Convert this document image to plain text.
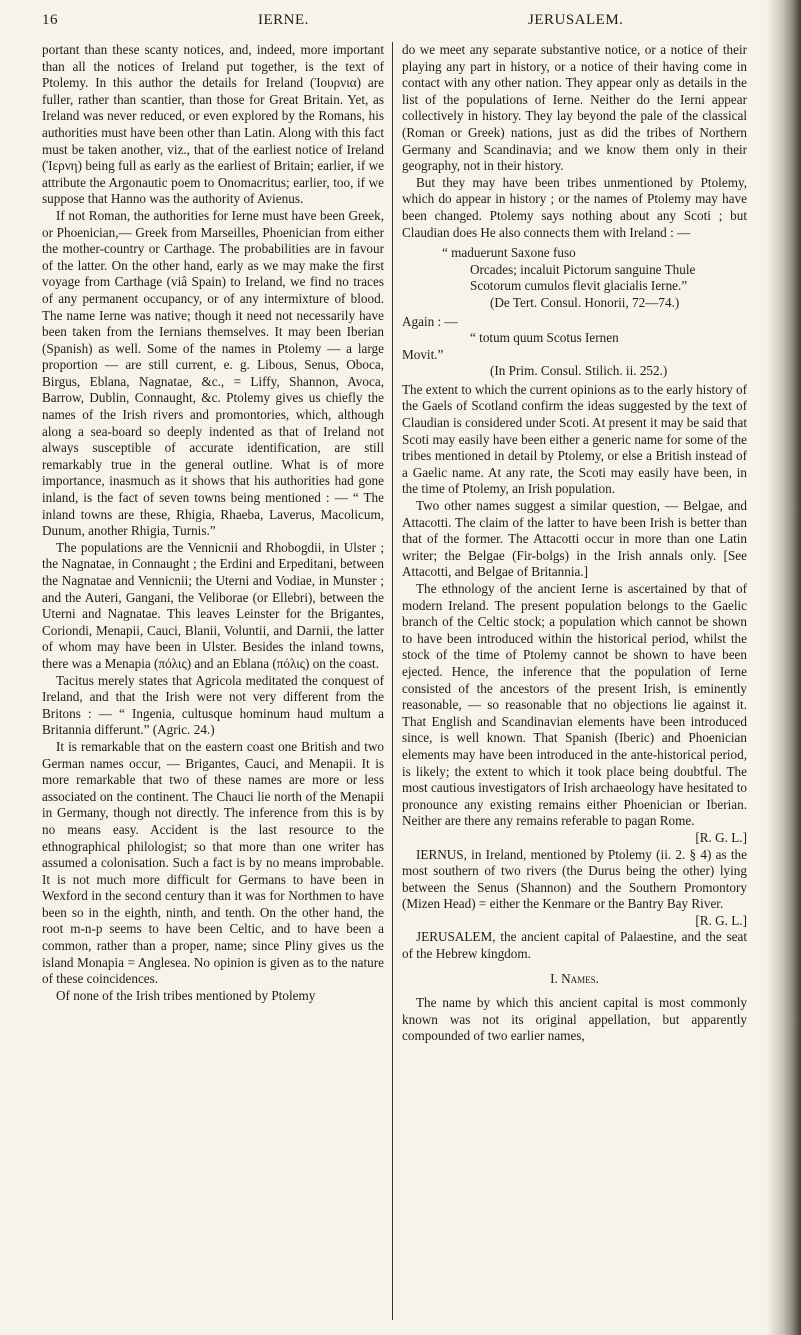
16	IERNE.	JERUSALEM.

portant than these scanty notices, and, indeed, more important than all the notices of Ireland put together, is the text of Ptolemy. In this author the details for Ireland (Ἰουρνια) are fuller, rather than scantier, than those for Great Britain. Yet, as Ireland was never reduced, or even explored by the Romans, his authorities must have been other than Latin. Along with this fact must be taken another, viz., that of the earliest notice of Ireland (Ἰερνη) being full as early as the earliest of Britain; earlier, if we attribute the Argonautic poem to Onomacritus; earlier, too, if we suppose that Hanno was the authority of Avienus.

If not Roman, the authorities for Ierne must have been Greek, or Phoenician,— Greek from Marseilles, Phoenician from either the mother-country or Carthage. The probabilities are in favour of the latter. On the other hand, early as we may make the first voyage from Carthage (viâ Spain) to Ireland, we find no traces of any permanent occupancy, or of any intermixture of blood. The name Ierne was native; though it need not necessarily have been taken from the Iernians themselves. It may been Iberian (Spanish) as well. Some of the names in Ptolemy — a large proportion — are still current, e. g. Libous, Senus, Oboca, Birgus, Eblana, Nagnatae, &c., = Liffy, Shannon, Avoca, Barrow, Dublin, Connaught, &c. Ptolemy gives us chiefly the names of the Irish rivers and promontories, which, although along a sea-board so deeply indented as that of Ireland not always susceptible of accurate identification, are still remarkably true in the general outline. What is of more importance, inasmuch as it shows that his authorities had gone inland, is the fact of seven towns being mentioned : — “ The inland towns are these, Rhigia, Rhaeba, Laverus, Macolicum, Dunum, another Rhigia, Turnis.”

The populations are the Vennicnii and Rhobogdii, in Ulster ; the Nagnatae, in Connaught ; the Erdini and Erpeditani, between the Nagnatae and Vennicnii; the Uterni and Vodiae, in Munster ; and the Auteri, Gangani, the Veliborae (or Ellebri), between the Uterni and Nagnatae. This leaves Leinster for the Brigantes, Coriondi, Menapii, Cauci, Blanii, Voluntii, and Darnii, the latter of whom may have been in Ulster. Besides the inland towns, there was a Menapia (πόλις) and an Eblana (πόλις) on the coast.

Tacitus merely states that Agricola meditated the conquest of Ireland, and that the Irish were not very different from the Britons : — “ Ingenia, cultusque hominum haud multum a Britannia differunt.” (Agric. 24.)

It is remarkable that on the eastern coast one British and two German names occur, — Brigantes, Cauci, and Menapii. It is more remarkable that two of these names are more or less associated on the continent. The Chauci lie north of the Menapii in Germany, though not directly. The inference from this is by no means easy. Accident is the last resource to the ethnographical philologist; so that more than one writer has assumed a colonisation. Such a fact is by no means improbable. It is not much more difficult for Germans to have been in Wexford in the second century than it was for Northmen to have been so in the eighth, ninth, and tenth. On the other hand, the root m-n-p seems to have been Celtic, and to have been a common, rather than a proper, name; since Pliny gives us the island Monapia = Anglesea. No opinion is given as to the nature of these coincidences.

Of none of the Irish tribes mentioned by Ptolemy

do we meet any separate substantive notice, or a notice of their playing any part in history, or a notice of their having come in contact with any other nation. They appear only as details in the list of the populations of Ierne. Neither do the Ierni appear collectively in history. They lay beyond the pale of the classical (Roman or Greek) nations, just as did the tribes of Northern Germany and Scandinavia; and we know them only in their geography, not in their history.

But they may have been tribes unmentioned by Ptolemy, which do appear in history ; or the names of Ptolemy may have been changed. Ptolemy says nothing about any Scoti ; but Claudian does He also connects them with Ireland : —

“ maduerunt Saxone fuso

Orcades; incaluit Pictorum sanguine Thule

Scotorum cumulos flevit glacialis Ierne.”

(De Tert. Consul. Honorii, 72—74.)

Again : —

“ totum quum Scotus Iernen

Movit.”

(In Prim. Consul. Stilich. ii. 252.)

The extent to which the current opinions as to the early history of the Gaels of Scotland confirm the ideas suggested by the text of Claudian is considered under Scoti. At present it may be said that Scoti may easily have been either a generic name for some of the tribes mentioned in detail by Ptolemy, or else a British instead of a Gaelic name. At any rate, the Scoti may easily have been, in the time of Ptolemy, an Irish population.

Two other names suggest a similar question, — Belgae, and Attacotti. The claim of the latter to have been Irish is better than that of the former. The Attacotti occur in more than one Latin writer; the Belgae (Fir-bolgs) in the Irish annals only. [See Attacotti, and Belgae of Britannia.]

The ethnology of the ancient Ierne is ascertained by that of modern Ireland. The present population belongs to the Gaelic branch of the Celtic stock; a population which cannot be shown to have been introduced within the historical period, whilst the stock of the time of Ptolemy cannot be shown to have been ejected. Hence, the inference that the population of Ierne consisted of the ancestors of the present Irish, is eminently reasonable, — so reasonable that no objections lie against it. That English and Scandinavian elements have been introduced since, is well known. That Spanish (Iberic) and Phoenician elements may have been introduced in the ante-historical period, is likely; the extent to which it took place being doubtful. The most cautious investigators of Irish archaeology have hesitated to pronounce any existing remains either Phoenician or Iberian. Neither are there any remains referable to pagan Rome.

[R. G. L.]

IERNUS, in Ireland, mentioned by Ptolemy (ii. 2. § 4) as the most southern of two rivers (the Durus being the other) lying between the Senus (Shannon) and the Southern Promontory (Mizen Head) = either the Kenmare or the Bantry Bay River.

[R. G. L.]

JERUSALEM, the ancient capital of Palaestine, and the seat of the Hebrew kingdom.

I. Names.

The name by which this ancient capital is most commonly known was not its original appellation, but apparently compounded of two earlier names,
